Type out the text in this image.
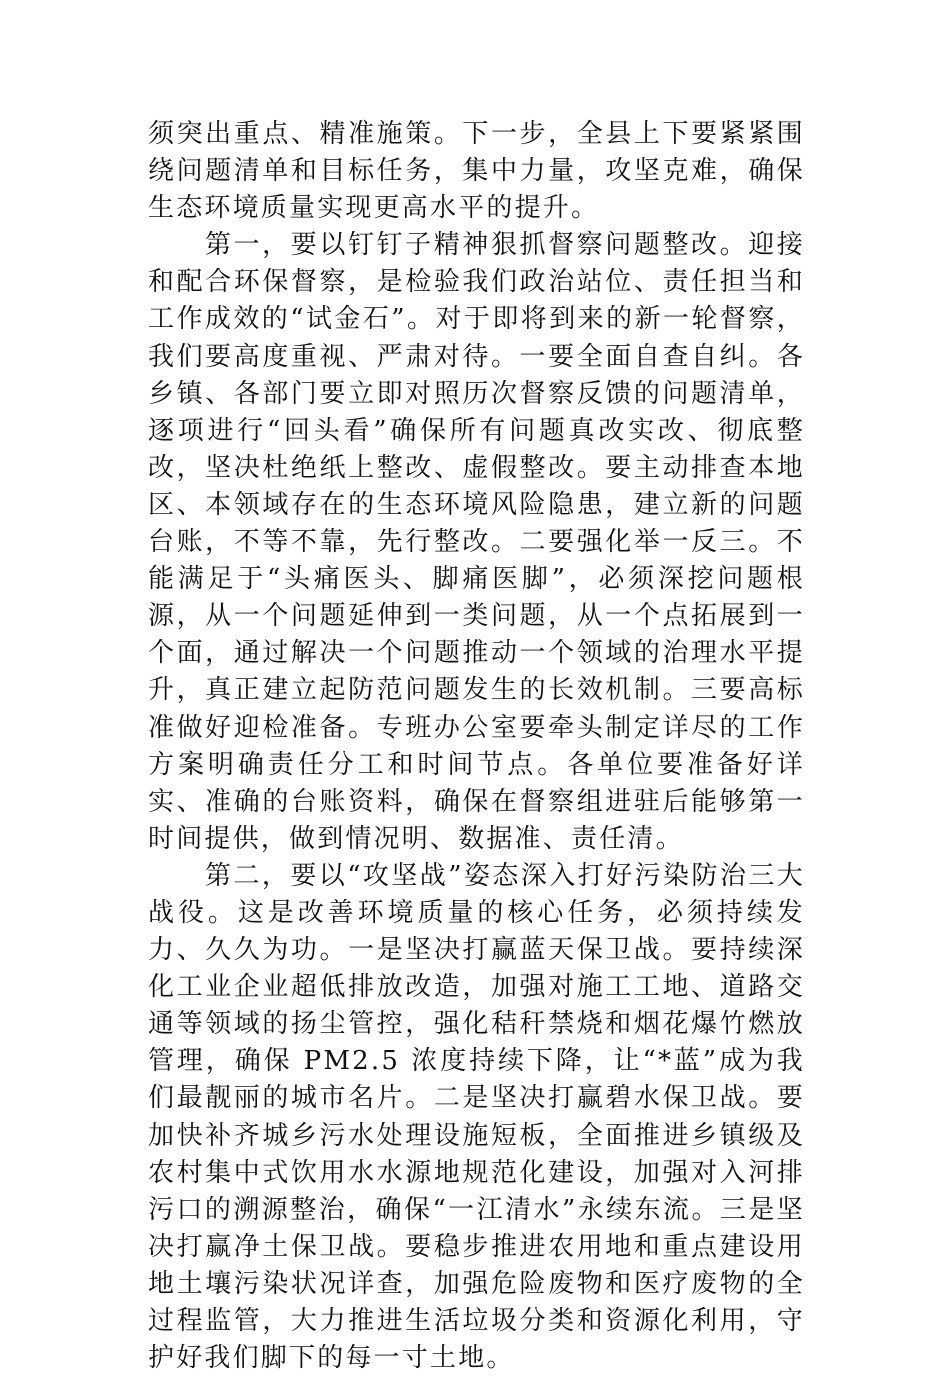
须突出重点、精准施策。下一步，全县上下要紧紧围绕问题清单和目标任务，集中力量，攻坚克难，确保生态环境质量实现更高水平的提升。

第一，要以钉钉子精神狠抓督察问题整改。迎接和配合环保督察，是检验我们政治站位、责任担当和工作成效的“试金石”。对于即将到来的新一轮督察，我们要高度重视、严肃对待。一要全面自查自纠。各乡镇、各部门要立即对照历次督察反馈的问题清单，逐项进行“回头看”确保所有问题真改实改、彻底整改，坚决杜绝纸上整改、虚假整改。要主动排查本地区、本领域存在的生态环境风险隐患，建立新的问题台账，不等不靠，先行整改。二要强化举一反三。不能满足于“头痛医头、脚痛医脚”，必须深挖问题根源，从一个问题延伸到一类问题，从一个点拓展到一个面，通过解决一个问题推动一个领域的治理水平提升，真正建立起防范问题发生的长效机制。三要高标准做好迎检准备。专班办公室要牵头制定详尽的工作方案明确责任分工和时间节点。各单位要准备好详实、准确的台账资料，确保在督察组进驻后能够第一时间提供，做到情况明、数据准、责任清。

第二，要以“攻坚战”姿态深入打好污染防治三大战役。这是改善环境质量的核心任务，必须持续发力、久久为功。一是坚决打赢蓝天保卫战。要持续深化工业企业超低排放改造，加强对施工工地、道路交通等领域的扬尘管控，强化秸秆禁烧和烟花爆竹燃放管理，确保 PM2.5 浓度持续下降，让“*蓝”成为我们最靓丽的城市名片。二是坚决打赢碧水保卫战。要加快补齐城乡污水处理设施短板，全面推进乡镇级及农村集中式饮用水水源地规范化建设，加强对入河排污口的溯源整治，确保“一江清水”永续东流。三是坚决打赢净土保卫战。要稳步推进农用地和重点建设用地土壤污染状况详查，加强危险废物和医疗废物的全过程监管，大力推进生活垃圾分类和资源化利用，守护好我们脚下的每一寸土地。
